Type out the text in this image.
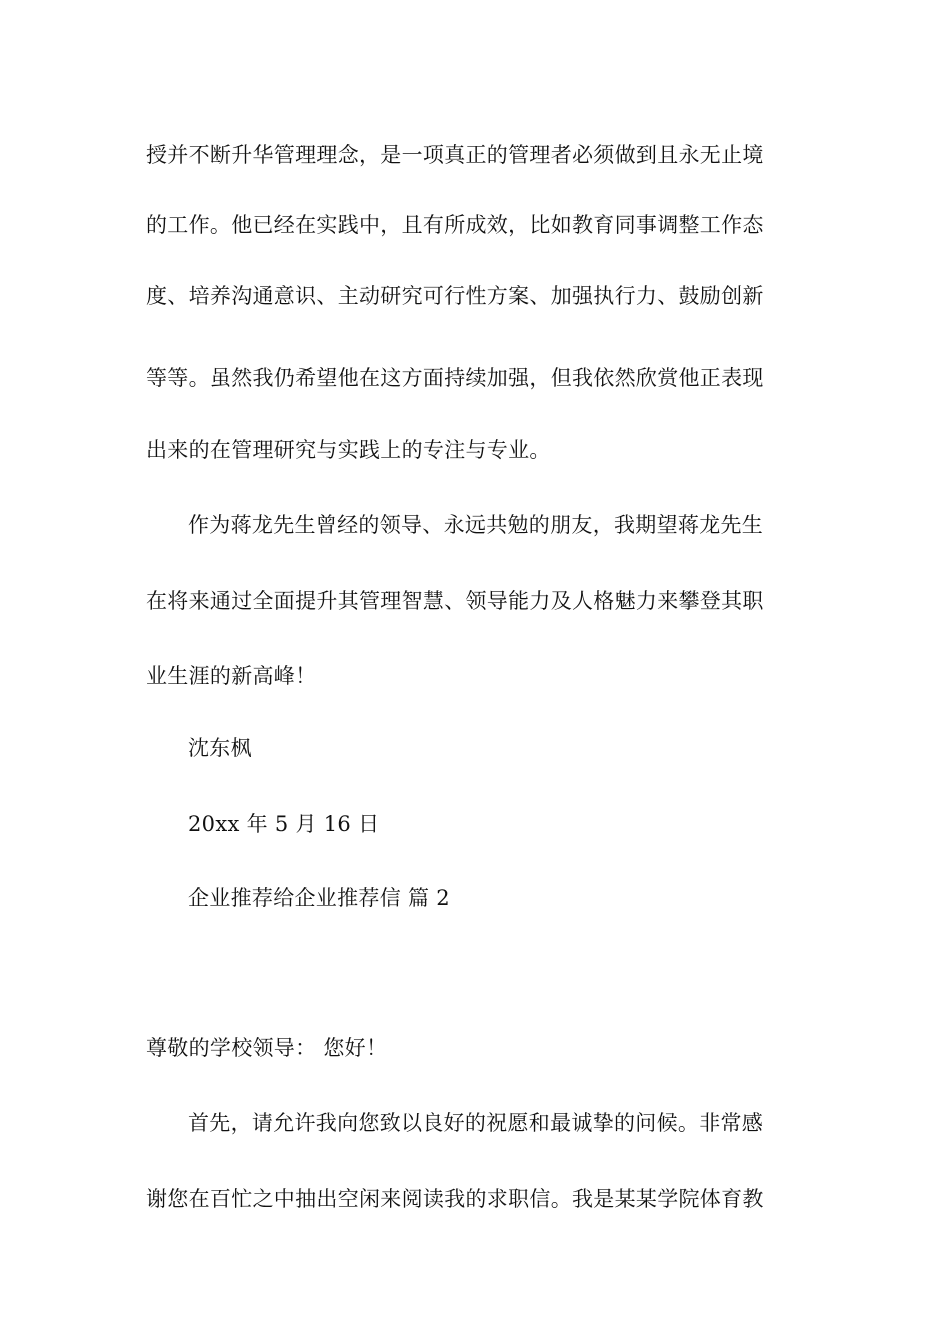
授并不断升华管理理念，是一项真正的管理者必须做到且永无止境
的工作。他已经在实践中，且有所成效，比如教育同事调整工作态
度、培养沟通意识、主动研究可行性方案、加强执行力、鼓励创新
等等。虽然我仍希望他在这方面持续加强，但我依然欣赏他正表现
出来的在管理研究与实践上的专注与专业。
作为蒋龙先生曾经的领导、永远共勉的朋友，我期望蒋龙先生
在将来通过全面提升其管理智慧、领导能力及人格魅力来攀登其职
业生涯的新高峰！
沈东枫
20xx 年 5 月 16 日
企业推荐给企业推荐信 篇 2
尊敬的学校领导： 您好！
首先，请允许我向您致以良好的祝愿和最诚挚的问候。非常感
谢您在百忙之中抽出空闲来阅读我的求职信。我是某某学院体育教
